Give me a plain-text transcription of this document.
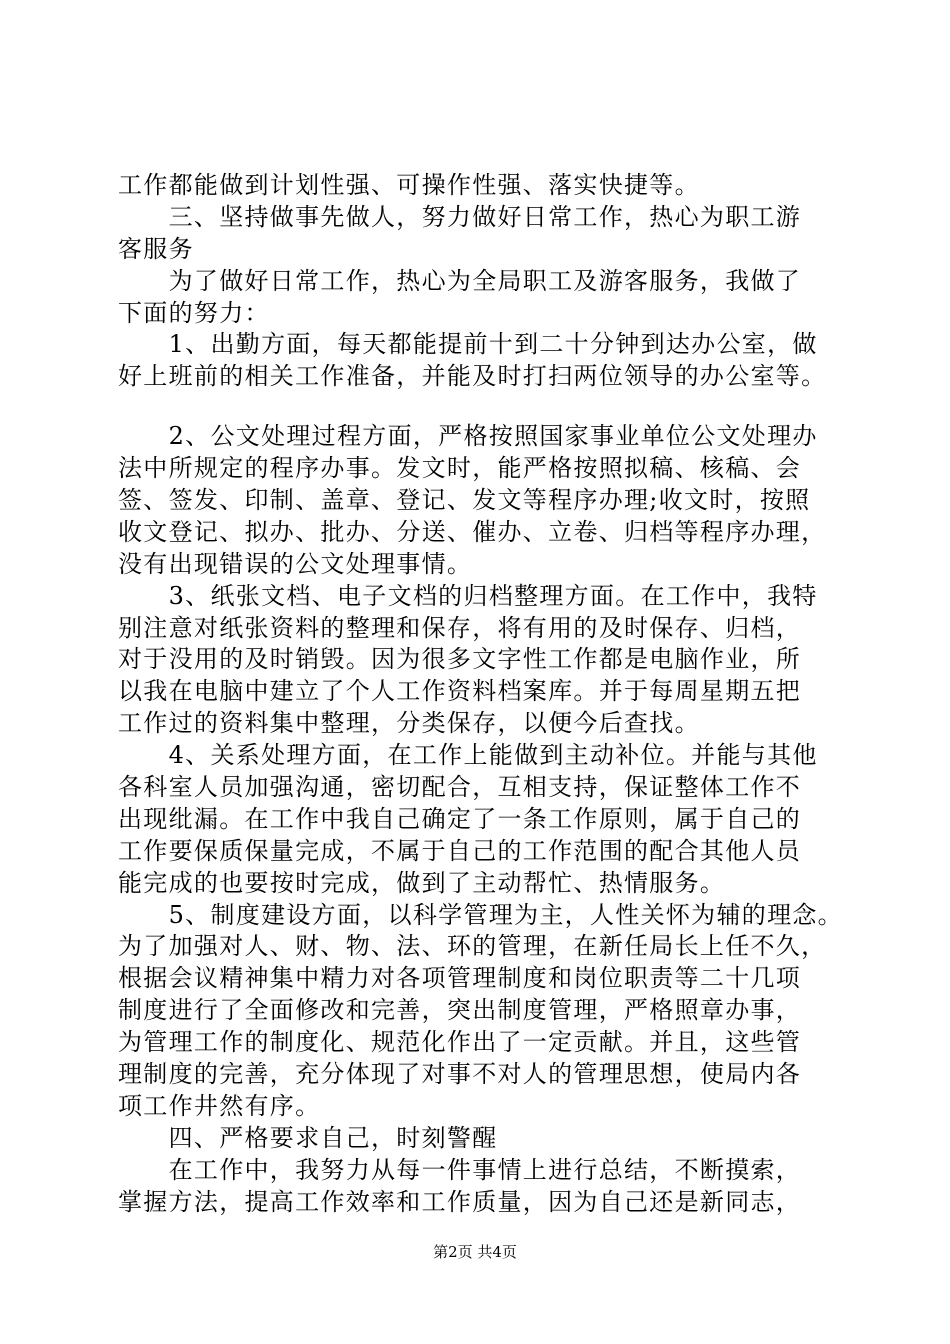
工作都能做到计划性强、可操作性强、落实快捷等。
　　三、坚持做事先做人，努力做好日常工作，热心为职工游
客服务
　　为了做好日常工作，热心为全局职工及游客服务，我做了
下面的努力：
　　1、出勤方面，每天都能提前十到二十分钟到达办公室，做
好上班前的相关工作准备，并能及时打扫两位领导的办公室等。
　　2、公文处理过程方面，严格按照国家事业单位公文处理办
法中所规定的程序办事。发文时，能严格按照拟稿、核稿、会
签、签发、印制、盖章、登记、发文等程序办理;收文时，按照
收文登记、拟办、批办、分送、催办、立卷、归档等程序办理，
没有出现错误的公文处理事情。
　　3、纸张文档、电子文档的归档整理方面。在工作中，我特
别注意对纸张资料的整理和保存，将有用的及时保存、归档，
对于没用的及时销毁。因为很多文字性工作都是电脑作业，所
以我在电脑中建立了个人工作资料档案库。并于每周星期五把
工作过的资料集中整理，分类保存，以便今后查找。
　　4、关系处理方面，在工作上能做到主动补位。并能与其他
各科室人员加强沟通，密切配合，互相支持，保证整体工作不
出现纰漏。在工作中我自己确定了一条工作原则，属于自己的
工作要保质保量完成，不属于自己的工作范围的配合其他人员
能完成的也要按时完成，做到了主动帮忙、热情服务。
　　5、制度建设方面，以科学管理为主，人性关怀为辅的理念。
为了加强对人、财、物、法、环的管理，在新任局长上任不久，
根据会议精神集中精力对各项管理制度和岗位职责等二十几项
制度进行了全面修改和完善，突出制度管理，严格照章办事，
为管理工作的制度化、规范化作出了一定贡献。并且，这些管
理制度的完善，充分体现了对事不对人的管理思想，使局内各
项工作井然有序。
　　四、严格要求自己，时刻警醒
　　在工作中，我努力从每一件事情上进行总结，不断摸索，
掌握方法，提高工作效率和工作质量，因为自己还是新同志，
第2页 共4页
